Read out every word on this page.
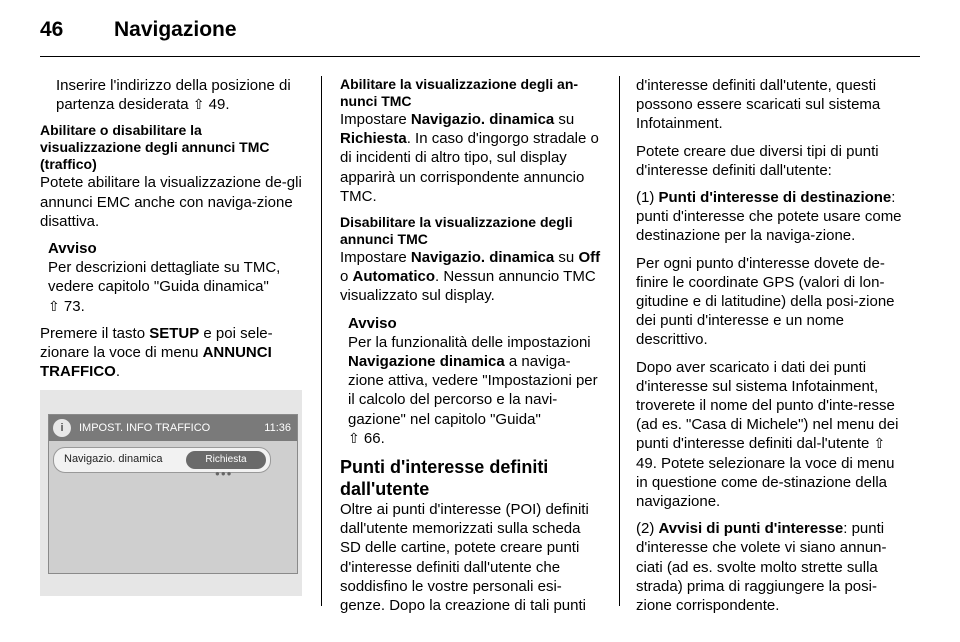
46 Navigazione

Inserire l'indirizzo della posizione di partenza desiderata ⇧ 49.

Abilitare o disabilitare la visualizzazione degli annunci TMC (traffico)

Potete abilitare la visualizzazione de-gli annunci EMC anche con naviga-zione disattiva.

Avviso
Per descrizioni dettagliate su TMC, vedere capitolo "Guida dinamica"
⇧ 73.

Premere il tasto SETUP e poi sele-zionare la voce di menu ANNUNCI TRAFFICO.

i	IMPOST. INFO TRAFFICO	11:36
Navigazio. dinamica	Richiesta
●●●

Abilitare la visualizzazione degli an-nunci TMC

Impostare Navigazio. dinamica su Richiesta. In caso d'ingorgo stradale o di incidenti di altro tipo, sul display apparirà un corrispondente annuncio TMC.

Disabilitare la visualizzazione degli annunci TMC

Impostare Navigazio. dinamica su Off o Automatico. Nessun annuncio TMC visualizzato sul display.

Avviso
Per la funzionalità delle impostazioni Navigazione dinamica a naviga-zione attiva, vedere "Impostazioni per il calcolo del percorso e la navi-gazione" nel capitolo "Guida"
⇧ 66.

Punti d'interesse definiti dall'utente

Oltre ai punti d'interesse (POI) definiti dall'utente memorizzati sulla scheda SD delle cartine, potete creare punti d'interesse definiti dall'utente che soddisfino le vostre personali esi-genze. Dopo la creazione di tali punti

d'interesse definiti dall'utente, questi possono essere scaricati sul sistema Infotainment.

Potete creare due diversi tipi di punti d'interesse definiti dall'utente:

(1) Punti d'interesse di destinazione: punti d'interesse che potete usare come destinazione per la naviga-zione.

Per ogni punto d'interesse dovete de-finire le coordinate GPS (valori di lon-gitudine e di latitudine) della posi-zione dei punti d'interesse e un nome descrittivo.

Dopo aver scaricato i dati dei punti d'interesse sul sistema Infotainment, troverete il nome del punto d'inte-resse (ad es. "Casa di Michele") nel menu dei punti d'interesse definiti dal-l'utente ⇧ 49. Potete selezionare la voce di menu in questione come de-stinazione della navigazione.

(2) Avvisi di punti d'interesse: punti d'interesse che volete vi siano annun-ciati (ad es. svolte molto strette sulla strada) prima di raggiungere la posi-zione corrispondente.
